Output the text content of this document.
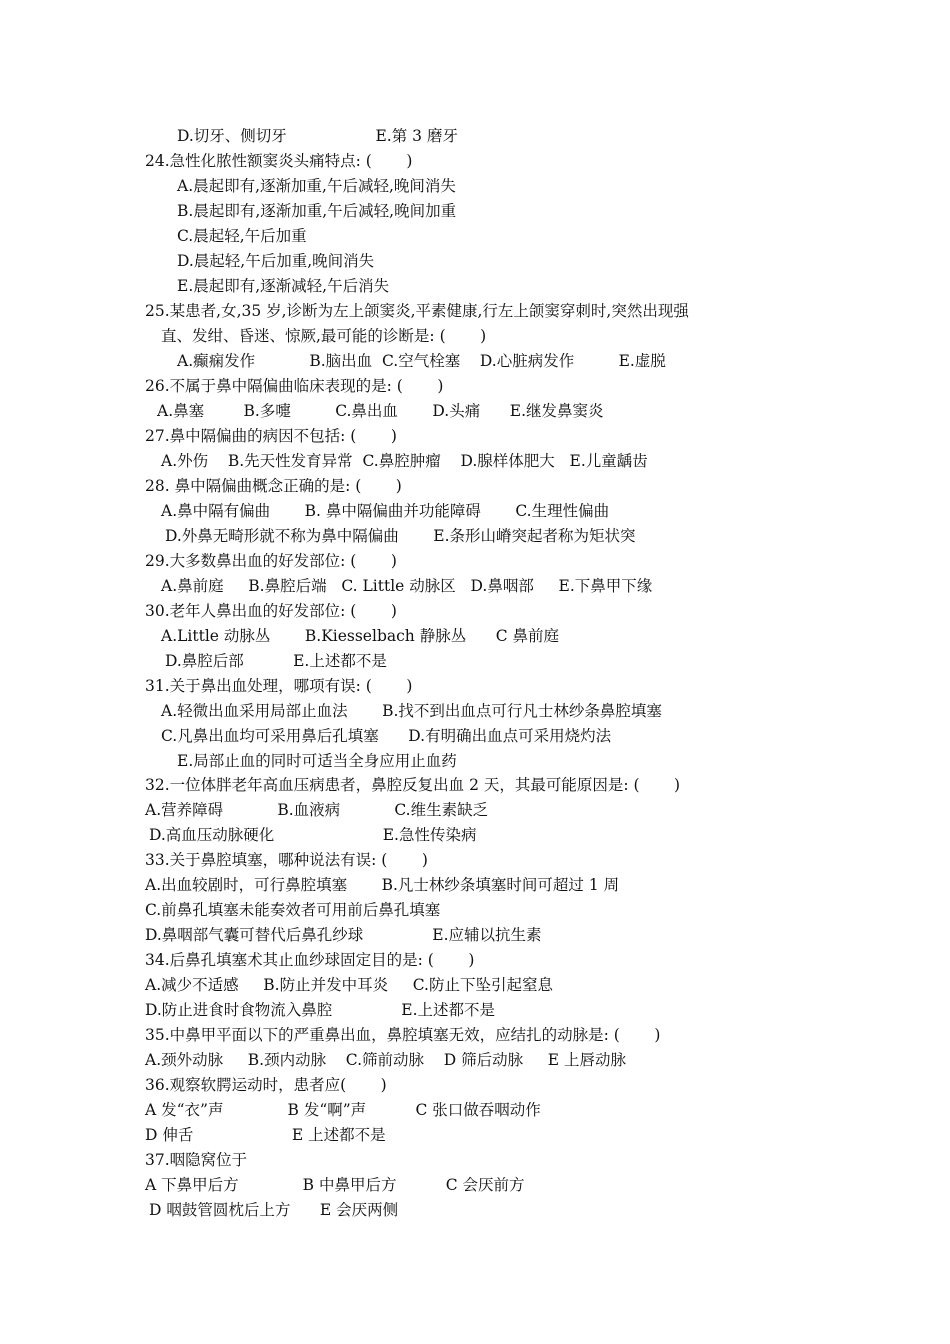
D.切牙、侧切牙                  E.第 3 磨牙
24.急性化脓性额窦炎头痛特点: (       )
A.晨起即有,逐渐加重,午后减轻,晚间消失
B.晨起即有,逐渐加重,午后减轻,晚间加重
C.晨起轻,午后加重
D.晨起轻,午后加重,晚间消失
E.晨起即有,逐渐减轻,午后消失
25.某患者,女,35 岁,诊断为左上颌窦炎,平素健康,行左上颌窦穿刺时,突然出现强
直、发绀、昏迷、惊厥,最可能的诊断是: (       )
A.癫痫发作           B.脑出血  C.空气栓塞    D.心脏病发作         E.虚脱
26.不属于鼻中隔偏曲临床表现的是: (       )
A.鼻塞        B.多嚏         C.鼻出血       D.头痛      E.继发鼻窦炎
27.鼻中隔偏曲的病因不包括: (       )
A.外伤    B.先天性发育异常  C.鼻腔肿瘤    D.腺样体肥大   E.儿童龋齿
28. 鼻中隔偏曲概念正确的是: (       )
A.鼻中隔有偏曲       B. 鼻中隔偏曲并功能障碍       C.生理性偏曲
D.外鼻无畸形就不称为鼻中隔偏曲       E.条形山嵴突起者称为矩状突
29.大多数鼻出血的好发部位: (       )
A.鼻前庭     B.鼻腔后端   C. Little 动脉区   D.鼻咽部     E.下鼻甲下缘
30.老年人鼻出血的好发部位: (       )
A.Little 动脉丛       B.Kiesselbach 静脉丛      C 鼻前庭
D.鼻腔后部          E.上述都不是
31.关于鼻出血处理，哪项有误: (       )
A.轻微出血采用局部止血法       B.找不到出血点可行凡士林纱条鼻腔填塞
C.凡鼻出血均可采用鼻后孔填塞      D.有明确出血点可采用烧灼法
E.局部止血的同时可适当全身应用止血药
32.一位体胖老年高血压病患者，鼻腔反复出血 2 天，其最可能原因是: (       )
A.营养障碍           B.血液病           C.维生素缺乏
D.高血压动脉硬化                      E.急性传染病
33.关于鼻腔填塞，哪种说法有误: (       )
A.出血较剧时，可行鼻腔填塞       B.凡士林纱条填塞时间可超过 1 周
C.前鼻孔填塞未能奏效者可用前后鼻孔填塞
D.鼻咽部气囊可替代后鼻孔纱球              E.应辅以抗生素
34.后鼻孔填塞术其止血纱球固定目的是: (       )
A.减少不适感     B.防止并发中耳炎     C.防止下坠引起窒息
D.防止进食时食物流入鼻腔              E.上述都不是
35.中鼻甲平面以下的严重鼻出血，鼻腔填塞无效，应结扎的动脉是: (       )
A.颈外动脉     B.颈内动脉    C.筛前动脉    D 筛后动脉     E 上唇动脉
36.观察软腭运动时，患者应(       )
A 发“衣”声             B 发“啊”声          C 张口做吞咽动作
D 伸舌                    E 上述都不是
37.咽隐窝位于
A 下鼻甲后方             B 中鼻甲后方          C 会厌前方
D 咽鼓管圆枕后上方      E 会厌两侧
